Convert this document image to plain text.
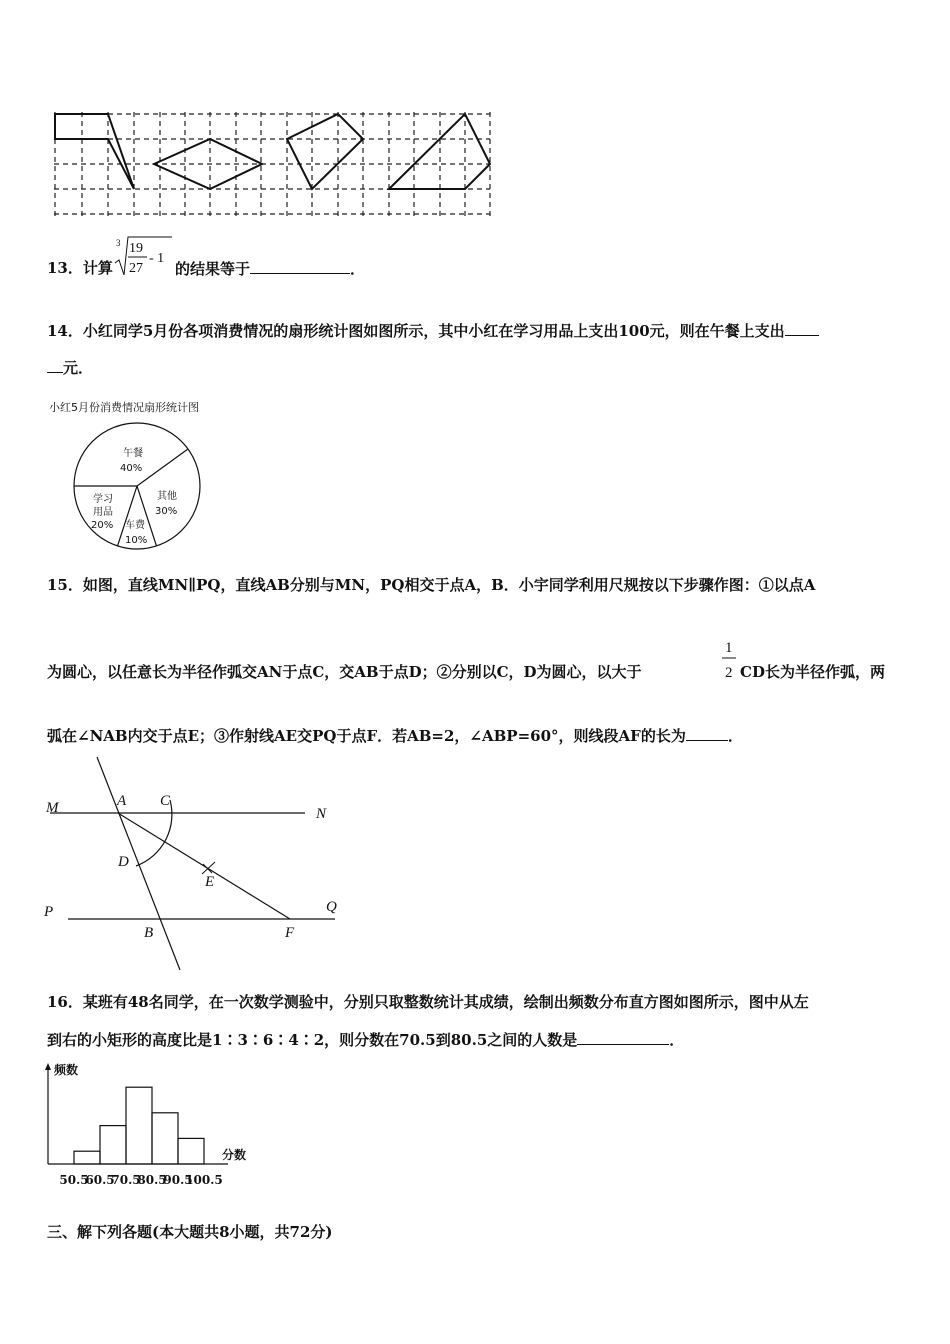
13．计算
3 19
27
- 1
的结果等于	．
14．小红同学5月份各项消费情况的扇形统计图如图所示，其中小红在学习用品上支出100元，则在午餐上支出
元．
小红5月份消费情况扇形统计图
午餐
40%
其他
30%
车费
10%
学习
用品
20%
15．如图，直线MN∥PQ，直线AB分别与MN，PQ相交于点A，B．小宇同学利用尺规按以下步骤作图：①以点A
为圆心，以任意长为半径作弧交AN于点C，交AB于点D；②分别以C，D为圆心，以大于
1
2 CD长为半径作弧，两
弧在∠NAB内交于点E；③作射线AE交PQ于点F．若AB=2，∠ABP=60°，则线段AF的长为	．
M	A C
N
D
E
P	Q
B	F
16．某班有48名同学，在一次数学测验中，分别只取整数统计其成绩，绘制出频数分布直方图如图所示，图中从左
到右的小矩形的高度比是1∶3∶6∶4∶2，则分数在70.5到80.5之间的人数是	．
频数
分数
50.5
60.5
70.5
80.5
90.5
100.5
三、解下列各题(本大题共8小题，共72分)
